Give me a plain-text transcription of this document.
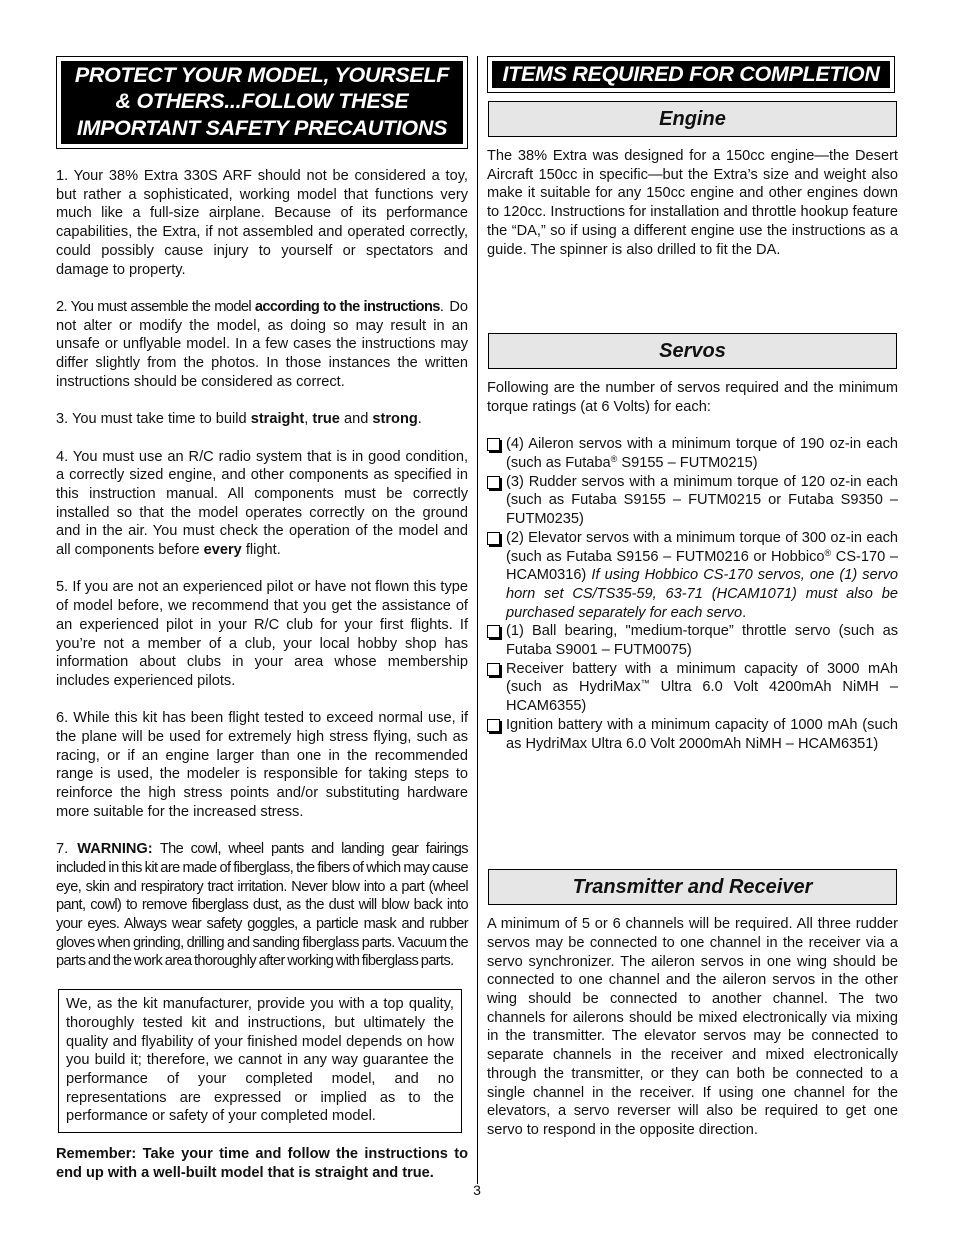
PROTECT YOUR MODEL, YOURSELF
& OTHERS...FOLLOW THESE
IMPORTANT SAFETY PRECAUTIONS

1. Your 38% Extra 330S ARF should not be considered a toy, but rather a sophisticated, working model that functions very much like a full-size airplane. Because of its performance capabilities, the Extra, if not assembled and operated correctly, could possibly cause injury to yourself or spectators and damage to property.

2. You must assemble the model according to the instructions. Do not alter or modify the model, as doing so may result in an unsafe or unflyable model. In a few cases the instructions may differ slightly from the photos. In those instances the written instructions should be considered as correct.

3. You must take time to build straight, true and strong.

4. You must use an R/C radio system that is in good condition, a correctly sized engine, and other components as specified in this instruction manual. All components must be correctly installed so that the model operates correctly on the ground and in the air. You must check the operation of the model and all components before every flight.

5. If you are not an experienced pilot or have not flown this type of model before, we recommend that you get the assistance of an experienced pilot in your R/C club for your first flights. If you’re not a member of a club, your local hobby shop has information about clubs in your area whose membership includes experienced pilots.

6. While this kit has been flight tested to exceed normal use, if the plane will be used for extremely high stress flying, such as racing, or if an engine larger than one in the recommended range is used, the modeler is responsible for taking steps to reinforce the high stress points and/or substituting hardware more suitable for the increased stress.

7. WARNING: The cowl, wheel pants and landing gear fairings included in this kit are made of fiberglass, the fibers of which may cause eye, skin and respiratory tract irritation. Never blow into a part (wheel pant, cowl) to remove fiberglass dust, as the dust will blow back into your eyes. Always wear safety goggles, a particle mask and rubber gloves when grinding, drilling and sanding fiberglass parts. Vacuum the parts and the work area thoroughly after working with fiberglass parts.

We, as the kit manufacturer, provide you with a top quality, thoroughly tested kit and instructions, but ultimately the quality and flyability of your finished model depends on how you build it; therefore, we cannot in any way guarantee the performance of your completed model, and no representations are expressed or implied as to the performance or safety of your completed model.

Remember: Take your time and follow the instructions to end up with a well-built model that is straight and true.

ITEMS REQUIRED FOR COMPLETION
Engine

The 38% Extra was designed for a 150cc engine—the Desert Aircraft 150cc in specific—but the Extra’s size and weight also make it suitable for any 150cc engine and other engines down to 120cc. Instructions for installation and throttle hookup feature the “DA,” so if using a different engine use the instructions as a guide. The spinner is also drilled to fit the DA.

Servos

Following are the number of servos required and the minimum torque ratings (at 6 Volts) for each:

(4) Aileron servos with a minimum torque of 190 oz-in each (such as Futaba® S9155 – FUTM0215)
(3) Rudder servos with a minimum torque of 120 oz-in each (such as Futaba S9155 – FUTM0215 or Futaba S9350 – FUTM0235)
(2) Elevator servos with a minimum torque of 300 oz-in each (such as Futaba S9156 – FUTM0216 or Hobbico® CS-170 – HCAM0316) If using Hobbico CS-170 servos, one (1) servo horn set CS/TS35-59, 63-71 (HCAM1071) must also be purchased separately for each servo.
(1) Ball bearing, "medium-torque” throttle servo (such as Futaba S9001 – FUTM0075)
Receiver battery with a minimum capacity of 3000 mAh (such as HydriMax™ Ultra 6.0 Volt 4200mAh NiMH – HCAM6355)
Ignition battery with a minimum capacity of 1000 mAh (such as HydriMax Ultra 6.0 Volt 2000mAh NiMH – HCAM6351)
Transmitter and Receiver

A minimum of 5 or 6 channels will be required. All three rudder servos may be connected to one channel in the receiver via a servo synchronizer. The aileron servos in one wing should be connected to one channel and the aileron servos in the other wing should be connected to another channel. The two channels for ailerons should be mixed electronically via mixing in the transmitter. The elevator servos may be connected to separate channels in the receiver and mixed electronically through the transmitter, or they can both be connected to a single channel in the receiver. If using one channel for the elevators, a servo reverser will also be required to get one servo to respond in the opposite direction.

3
